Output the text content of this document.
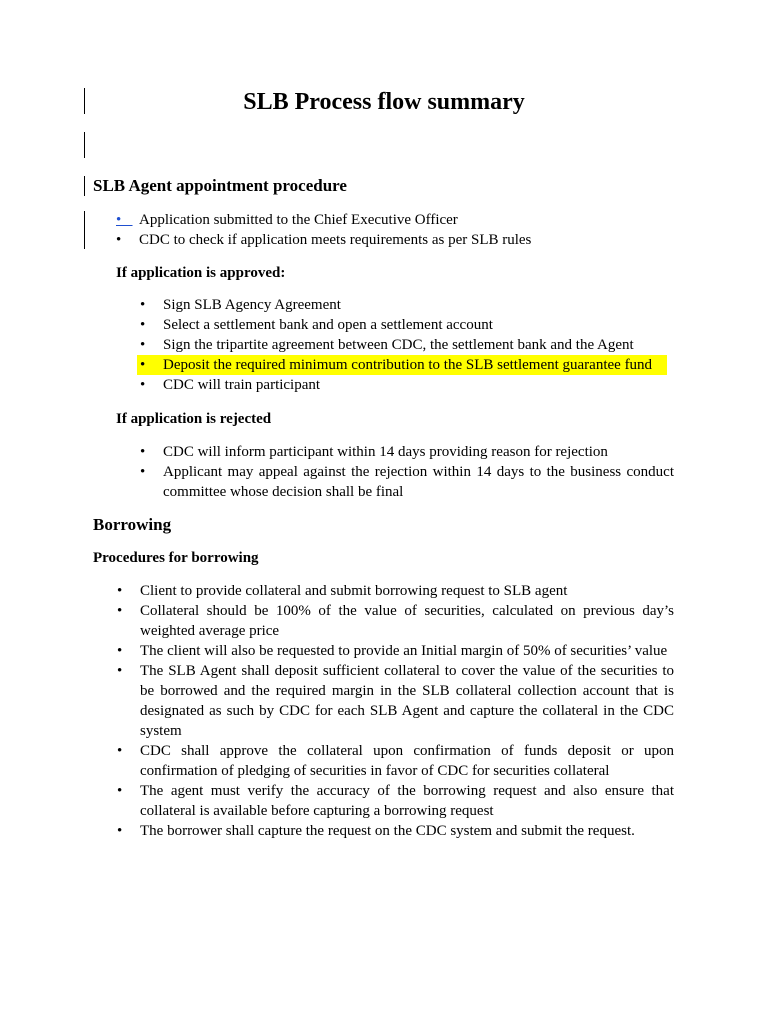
SLB Process flow summary
SLB Agent appointment procedure
• Application submitted to the Chief Executive Officer
• CDC to check if application meets requirements as per SLB rules
If application is approved:
• Sign SLB Agency Agreement
• Select a settlement bank and open a settlement account
• Sign the tripartite agreement between CDC, the settlement bank and the Agent
• Deposit the required minimum contribution to the SLB settlement guarantee fund
• CDC will train participant
If application is rejected
• CDC will inform participant within 14 days providing reason for rejection
• Applicant may appeal against the rejection within 14 days to the business conduct committee whose decision shall be final
Borrowing
Procedures for borrowing
• Client to provide collateral and submit borrowing request to SLB agent
• Collateral should be 100% of the value of securities, calculated on previous day’s weighted average price
• The client will also be requested to provide an Initial margin of 50% of securities’ value
• The SLB Agent shall deposit sufficient collateral to cover the value of the securities to be borrowed and the required margin in the SLB collateral collection account that is designated as such by CDC for each SLB Agent and capture the collateral in the CDC system
• CDC shall approve the collateral upon confirmation of funds deposit or upon confirmation of pledging of securities in favor of CDC for securities collateral
• The agent must verify the accuracy of the borrowing request and also ensure that collateral is available before capturing a borrowing request
• The borrower shall capture the request on the CDC system and submit the request.
